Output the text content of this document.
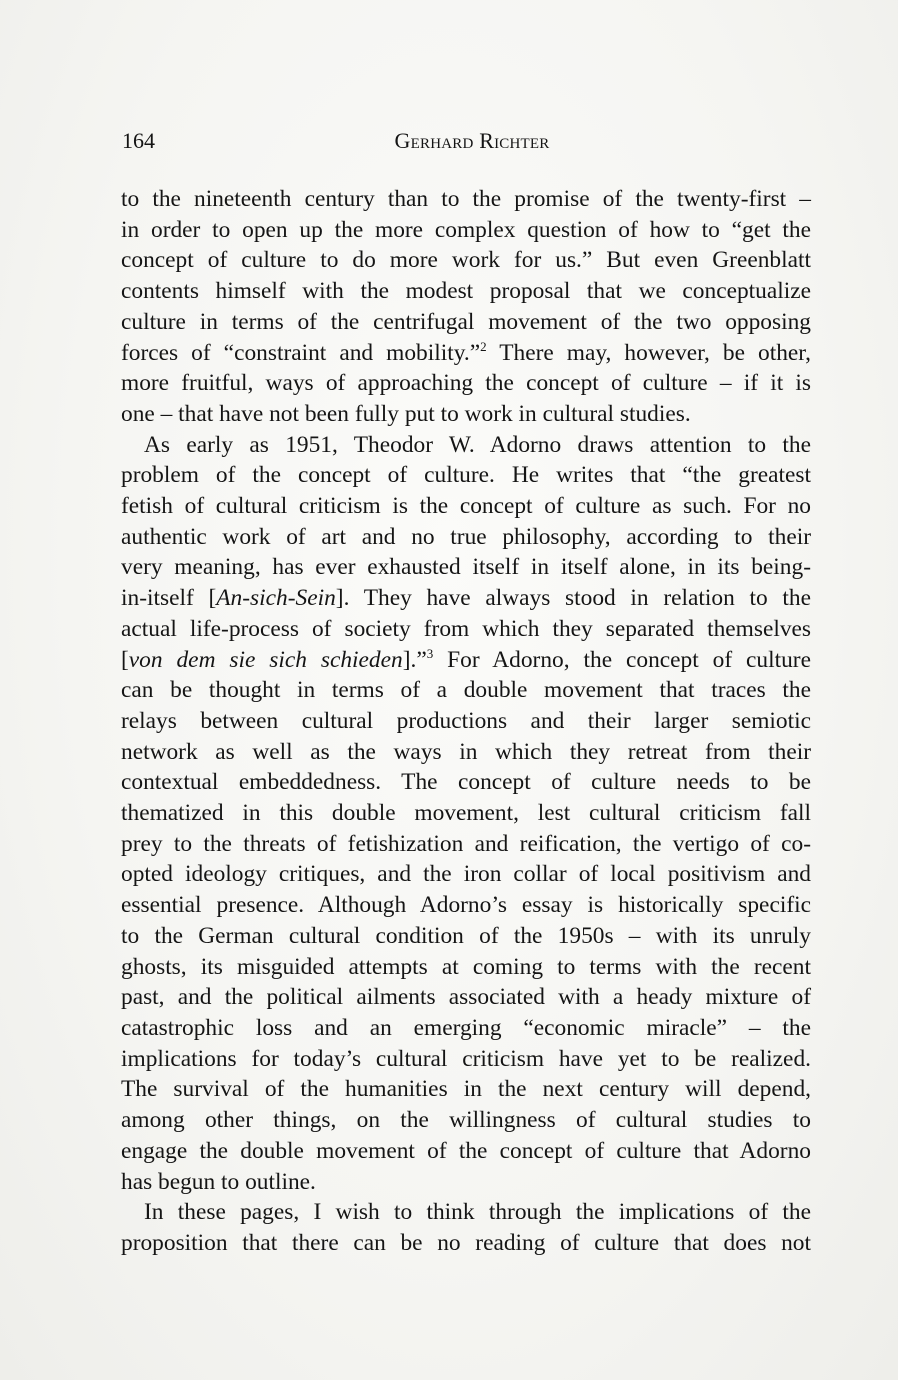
164	Gerhard Richter
to the nineteenth century than to the promise of the twenty-first –
in order to open up the more complex question of how to “get the
concept of culture to do more work for us.” But even Greenblatt
contents himself with the modest proposal that we conceptualize
culture in terms of the centrifugal movement of the two opposing
forces of “constraint and mobility.”$^2$ There may, however, be other,
more fruitful, ways of approaching the concept of culture – if it is
one – that have not been fully put to work in cultural studies.
As early as 1951, Theodor W. Adorno draws attention to the
problem of the concept of culture. He writes that “the greatest
fetish of cultural criticism is the concept of culture as such. For no
authentic work of art and no true philosophy, according to their
very meaning, has ever exhausted itself in itself alone, in its being-
in-itself [An-sich-Sein]. They have always stood in relation to the
actual life-process of society from which they separated themselves
[von dem sie sich schieden].”$^3$ For Adorno, the concept of culture
can be thought in terms of a double movement that traces the
relays between cultural productions and their larger semiotic
network as well as the ways in which they retreat from their
contextual embeddedness. The concept of culture needs to be
thematized in this double movement, lest cultural criticism fall
prey to the threats of fetishization and reification, the vertigo of co-
opted ideology critiques, and the iron collar of local positivism and
essential presence. Although Adorno’s essay is historically specific
to the German cultural condition of the 1950s – with its unruly
ghosts, its misguided attempts at coming to terms with the recent
past, and the political ailments associated with a heady mixture of
catastrophic loss and an emerging “economic miracle” – the
implications for today’s cultural criticism have yet to be realized.
The survival of the humanities in the next century will depend,
among other things, on the willingness of cultural studies to
engage the double movement of the concept of culture that Adorno
has begun to outline.
In these pages, I wish to think through the implications of the
proposition that there can be no reading of culture that does not
